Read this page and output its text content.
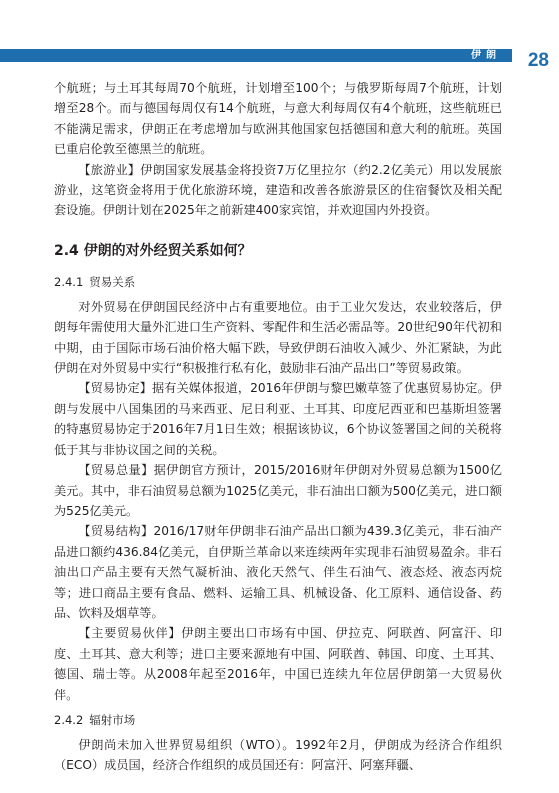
伊朗 28

个航班；与土耳其每周70个航班，计划增至100个；与俄罗斯每周7个航班，计划增至28个。而与德国每周仅有14个航班，与意大利每周仅有4个航班，这些航班已不能满足需求，伊朗正在考虑增加与欧洲其他国家包括德国和意大利的航班。英国已重启伦敦至德黑兰的航班。

【旅游业】伊朗国家发展基金将投资7万亿里拉尔（约2.2亿美元）用以发展旅游业，这笔资金将用于优化旅游环境，建造和改善各旅游景区的住宿餐饮及相关配套设施。伊朗计划在2025年之前新建400家宾馆，并欢迎国内外投资。

2.4 伊朗的对外经贸关系如何？
2.4.1 贸易关系

对外贸易在伊朗国民经济中占有重要地位。由于工业欠发达，农业较落后，伊朗每年需使用大量外汇进口生产资料、零配件和生活必需品等。20世纪90年代初和中期，由于国际市场石油价格大幅下跌，导致伊朗石油收入减少、外汇紧缺，为此伊朗在对外贸易中实行“积极推行私有化，鼓励非石油产品出口”等贸易政策。

【贸易协定】据有关媒体报道，2016年伊朗与黎巴嫩草签了优惠贸易协定。伊朗与发展中八国集团的马来西亚、尼日利亚、土耳其、印度尼西亚和巴基斯坦签署的特惠贸易协定于2016年7月1日生效；根据该协议，6个协议签署国之间的关税将低于其与非协议国之间的关税。

【贸易总量】据伊朗官方预计，2015/2016财年伊朗对外贸易总额为1500亿美元。其中，非石油贸易总额为1025亿美元，非石油出口额为500亿美元，进口额为525亿美元。

【贸易结构】2016/17财年伊朗非石油产品出口额为439.3亿美元，非石油产品进口额约436.84亿美元，自伊斯兰革命以来连续两年实现非石油贸易盈余。非石油出口产品主要有天然气凝析油、液化天然气、伴生石油气、液态烃、液态丙烷等；进口商品主要有食品、燃料、运输工具、机械设备、化工原料、通信设备、药品、饮料及烟草等。

【主要贸易伙伴】伊朗主要出口市场有中国、伊拉克、阿联酋、阿富汗、印度、土耳其、意大利等；进口主要来源地有中国、阿联酋、韩国、印度、土耳其、德国、瑞士等。从2008年起至2016年，中国已连续九年位居伊朗第一大贸易伙伴。

2.4.2 辐射市场

伊朗尚未加入世界贸易组织（WTO）。1992年2月，伊朗成为经济合作组织（ECO）成员国，经济合作组织的成员国还有：阿富汗、阿塞拜疆、
